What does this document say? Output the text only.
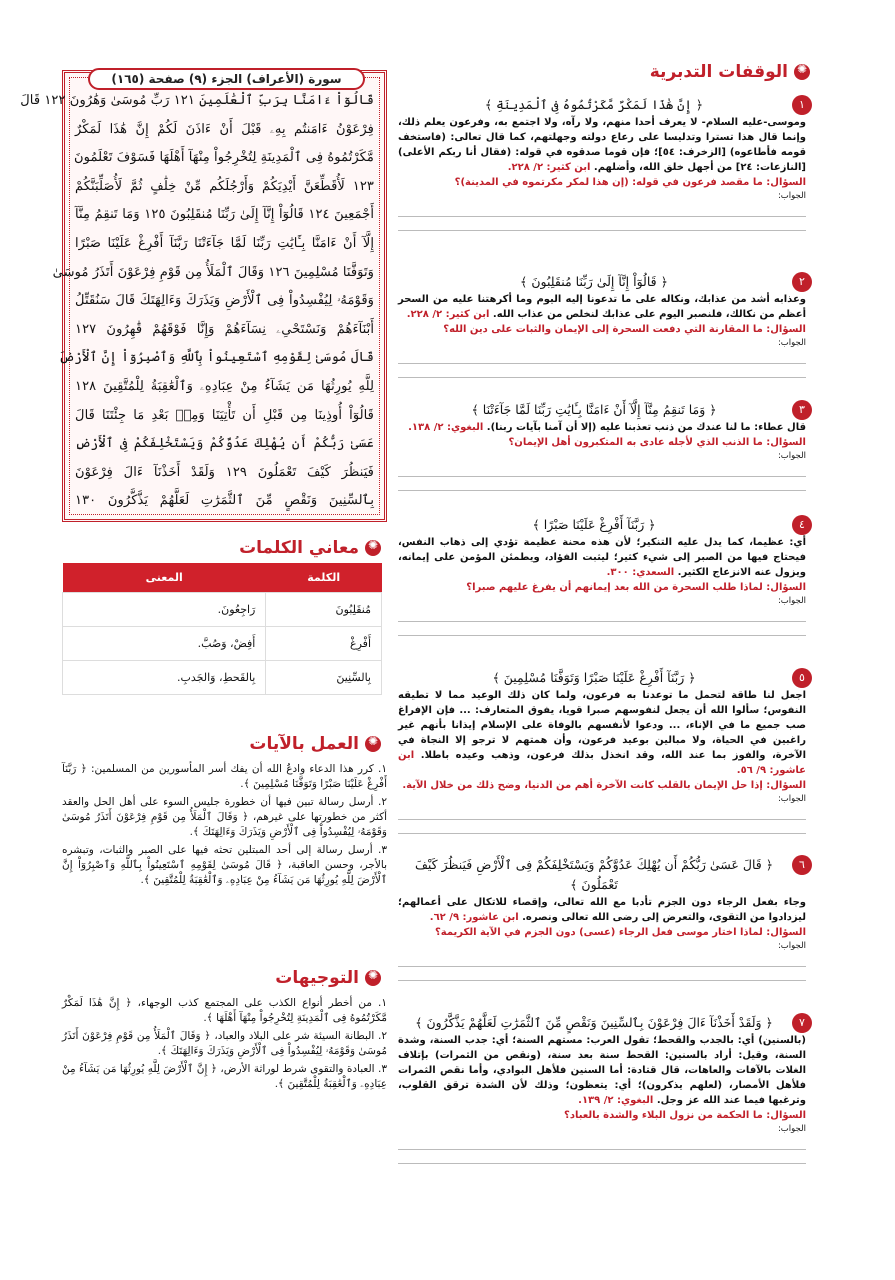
✺
الوقفات التدبرية
✺
معاني الكلمات
✺
العمل بالآيات
✺
التوجيهات
قَالُوٓاْ ءَامَنَّا بِرَبِّ ٱلْعَٰلَمِينَ ١٢١ رَبِّ مُوسَىٰ وَهَٰرُونَ ١٢٢ قَالَ
فِرْعَوْنُ ءَامَنتُم بِهِۦ قَبْلَ أَنْ ءَاذَنَ لَكُمْ إِنَّ هَٰذَا لَمَكْرٌ
مَّكَرْتُمُوهُ فِى ٱلْمَدِينَةِ لِتُخْرِجُواْ مِنْهَآ أَهْلَهَا فَسَوْفَ تَعْلَمُونَ
١٢٣ لَأُقَطِّعَنَّ أَيْدِيَكُمْ وَأَرْجُلَكُم مِّنْ خِلَٰفٍ ثُمَّ لَأُصَلِّبَنَّكُمْ
أَجْمَعِينَ ١٢٤ قَالُوٓاْ إِنَّآ إِلَىٰ رَبِّنَا مُنقَلِبُونَ ١٢٥ وَمَا تَنقِمُ مِنَّآ
إِلَّآ أَنْ ءَامَنَّا بِـَٔايَٰتِ رَبِّنَا لَمَّا جَآءَتْنَا رَبَّنَآ أَفْرِغْ عَلَيْنَا صَبْرًا
وَتَوَفَّنَا مُسْلِمِينَ ١٢٦ وَقَالَ ٱلْمَلَأُ مِن قَوْمِ فِرْعَوْنَ أَتَذَرُ مُوسَىٰ
وَقَوْمَهُۥ لِيُفْسِدُواْ فِى ٱلْأَرْضِ وَيَذَرَكَ وَءَالِهَتَكَ قَالَ سَنُقَتِّلُ
أَبْنَآءَهُمْ وَنَسْتَحْىِۦ نِسَآءَهُمْ وَإِنَّا فَوْقَهُمْ قَٰهِرُونَ ١٢٧
قَالَ مُوسَىٰ لِقَوْمِهِ ٱسْتَعِينُواْ بِٱللَّهِ وَٱصْبِرُوٓاْ إِنَّ ٱلْأَرْضَ
لِلَّهِ يُورِثُهَا مَن يَشَآءُ مِنْ عِبَادِهِۦ وَٱلْعَٰقِبَةُ لِلْمُتَّقِينَ ١٢٨
قَالُوٓاْ أُوذِينَا مِن قَبْلِ أَن تَأْتِيَنَا وَمِنۢ بَعْدِ مَا جِئْتَنَا قَالَ
عَسَىٰ رَبُّكُمْ أَن يُهْلِكَ عَدُوَّكُمْ وَيَسْتَخْلِفَكُمْ فِى ٱلْأَرْضِ
فَيَنظُرَ كَيْفَ تَعْمَلُونَ ١٢٩ وَلَقَدْ أَخَذْنَآ ءَالَ فِرْعَوْنَ
بِٱلسِّنِينَ وَنَقْصٍ مِّنَ ٱلثَّمَرَٰتِ لَعَلَّهُمْ يَذَّكَّرُونَ ١٣٠
سورة (الأعراف) الجزء (٩) صفحة (١٦٥)
الكلمة	المعنى
مُنقَلِبُونَ	رَاجِعُونَ.
أَفْرِغْ	أَفِضْ، وَصُبَّ.
بِالسِّنِينَ	بِالقَحطِ، وَالجَدبِ.

١. كرر هذا الدعاء وادعُ الله أن يفك أسر المأسورين من المسلمين: ﴿ رَبَّنَآ أَفْرِغْ عَلَيْنَا صَبْرًا وَتَوَفَّنَا مُسْلِمِينَ ﴾.

٢. أرسل رسالة تبين فيها أن خطورة جليس السوء على أهل الحل والعقد أكثر من خطورتها على غيرهم، ﴿ وَقَالَ ٱلْمَلَأُ مِن قَوْمِ فِرْعَوْنَ أَتَذَرُ مُوسَىٰ وَقَوْمَهُۥ لِيُفْسِدُواْ فِى ٱلْأَرْضِ وَيَذَرَكَ وَءَالِهَتَكَ ﴾.

٣. أرسل رسالة إلى أحد المبتلين تحثه فيها على الصبر والثبات، وتبشره بالأجر، وحسن العاقبة، ﴿ قَالَ مُوسَىٰ لِقَوْمِهِ ٱسْتَعِينُواْ بِٱللَّهِ وَٱصْبِرُوٓاْ إِنَّ ٱلْأَرْضَ لِلَّهِ يُورِثُهَا مَن يَشَآءُ مِنْ عِبَادِهِۦ وَٱلْعَٰقِبَةُ لِلْمُتَّقِينَ ﴾.

١. من أخطر أنواع الكذب على المجتمع كذب الوجهاء، ﴿ إِنَّ هَٰذَا لَمَكْرٌ مَّكَرْتُمُوهُ فِى ٱلْمَدِينَةِ لِتُخْرِجُواْ مِنْهَآ أَهْلَهَا ﴾.

٢. البطانة السيئة شر على البلاد والعباد، ﴿ وَقَالَ ٱلْمَلَأُ مِن قَوْمِ فِرْعَوْنَ أَتَذَرُ مُوسَىٰ وَقَوْمَهُۥ لِيُفْسِدُواْ فِى ٱلْأَرْضِ وَيَذَرَكَ وَءَالِهَتَكَ ﴾.

٣. العبادة والتقوى شرط لوراثة الأرض، ﴿ إِنَّ ٱلْأَرْضَ لِلَّهِ يُورِثُهَا مَن يَشَآءُ مِنْ عِبَادِهِۦ وَٱلْعَٰقِبَةُ لِلْمُتَّقِينَ ﴾.

١
﴿ إِنَّ هَٰذَا لَمَكْرٌ مَّكَرْتُمُوهُ فِى ٱلْمَدِينَةِ ﴾
وموسى-عليه السلام- لا يعرف أحدا منهم، ولا رآه، ولا اجتمع به، وفرعون يعلم ذلك، وإنما قال هذا تسترا وتدليسا على رعاع دولته وجهلتهم، كما قال تعالى: (فاستخف قومه فأطاعوه) [الزخرف: ٥٤]؛ فإن قوما صدقوه في قوله: (فقال أنا ربكم الأعلى) [النازعات: ٢٤] من أجهل خلق الله، وأضلهم. ابن كثير: ٢/ ٢٢٨.
السؤال: ما مقصد فرعون في قوله: (إن هذا لمكر مكرتموه في المدينة)؟
الجواب:
٢
﴿ قَالُوٓاْ إِنَّآ إِلَىٰ رَبِّنَا مُنقَلِبُونَ ﴾
وعذابه أشد من عذابك، ونكاله على ما تدعونا إليه اليوم وما أكرهتنا عليه من السحر أعظم من نكالك، فلنصبر اليوم على عذابك لنخلص من عذاب الله. ابن كثير: ٢/ ٢٢٨.
السؤال: ما المقارنة التي دفعت السحرة إلى الإيمان والثبات على دين الله؟
الجواب:
٣
﴿ وَمَا تَنقِمُ مِنَّآ إِلَّآ أَنْ ءَامَنَّا بِـَٔايَٰتِ رَبِّنَا لَمَّا جَآءَتْنَا ﴾
قال عطاء: ما لنا عندك من ذنب تعذبنا عليه (إلا أن آمنا بآيات ربنا). البغوي: ٢/ ١٣٨.
السؤال: ما الذنب الذي لأجله عادى به المتكبرون أهل الإيمان؟
الجواب:
٤
﴿ رَبَّنَآ أَفْرِغْ عَلَيْنَا صَبْرًا ﴾
أي: عظيما، كما يدل عليه التنكير؛ لأن هذه محنة عظيمة تؤدي إلى ذهاب النفس، فيحتاج فيها من الصبر إلى شيء كثير؛ ليثبت الفؤاد، ويطمئن المؤمن على إيمانه، ويزول عنه الانزعاج الكثير. السعدي: ٣٠٠.
السؤال: لماذا طلب السحرة من الله بعد إيمانهم أن يفرغ عليهم صبرا؟
الجواب:
٥
﴿ رَبَّنَآ أَفْرِغْ عَلَيْنَا صَبْرًا وَتَوَفَّنَا مُسْلِمِينَ ﴾
اجعل لنا طاقة لتحمل ما توعدنا به فرعون، ولما كان ذلك الوعيد مما لا تطيقه النفوس؛ سألوا الله أن يجعل لنفوسهم صبرا قويا، يفوق المتعارف: ... فإن الإفراغ صب جميع ما في الإناء، ... ودعوا لأنفسهم بالوفاة على الإسلام إيذانا بأنهم غير راغبين في الحياة، ولا مبالين بوعيد فرعون، وأن همتهم لا ترجو إلا النجاة في الآخرة، والفوز بما عند الله، وقد انخذل بذلك فرعون، وذهب وعيده باطلا. ابن عاشور: ٩/ ٥٦.
السؤال: إذا حل الإيمان بالقلب كانت الآخرة أهم من الدنيا، وضح ذلك من خلال الآية.
الجواب:
٦
﴿ قَالَ عَسَىٰ رَبُّكُمْ أَن يُهْلِكَ عَدُوَّكُمْ وَيَسْتَخْلِفَكُمْ فِى ٱلْأَرْضِ فَيَنظُرَ كَيْفَ تَعْمَلُونَ ﴾
وجاء بفعل الرجاء دون الجزم تأدبا مع الله تعالى، وإقصاء للاتكال على أعمالهم؛ ليزدادوا من التقوى، والتعرض إلى رضى الله تعالى ونصره. ابن عاشور: ٩/ ٦٢.
السؤال: لماذا اختار موسى فعل الرجاء (عسى) دون الجزم في الآية الكريمة؟
الجواب:
٧
﴿ وَلَقَدْ أَخَذْنَآ ءَالَ فِرْعَوْنَ بِٱلسِّنِينَ وَنَقْصٍ مِّنَ ٱلثَّمَرَٰتِ لَعَلَّهُمْ يَذَّكَّرُونَ ﴾
(بالسنين) أي: بالجدب والقحط؛ تقول العرب: مستهم السنة؛ أي: جدب السنة، وشدة السنة، وقيل: أراد بالسنين: القحط سنة بعد سنة، (ونقص من الثمرات) بإتلاف الغلات بالآفات والعاهات، قال قتادة: أما السنين فلأهل البوادي، وأما نقص الثمرات فلأهل الأمصار، (لعلهم يذكرون)؛ أي: يتعظون؛ وذلك لأن الشدة ترقق القلوب، وترغبها فيما عند الله عز وجل. البغوي: ٢/ ١٣٩.
السؤال: ما الحكمة من نزول البلاء والشدة بالعباد؟
الجواب:
